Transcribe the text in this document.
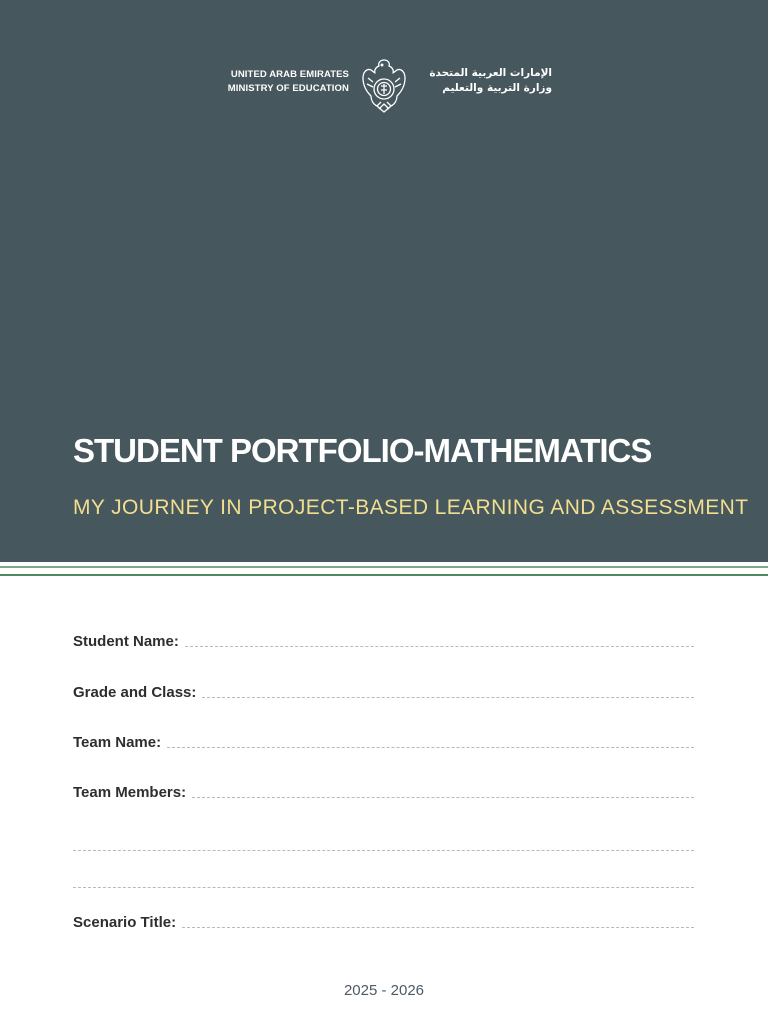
UNITED ARAB EMIRATES
MINISTRY OF EDUCATION
الإمارات العربية المتحدة
وزارة التربية والتعليم
STUDENT PORTFOLIO-MATHEMATICS
MY JOURNEY IN PROJECT-BASED LEARNING AND ASSESSMENT
Student Name:
Grade and Class:
Team Name:
Team Members:
Scenario Title:
2025 - 2026
